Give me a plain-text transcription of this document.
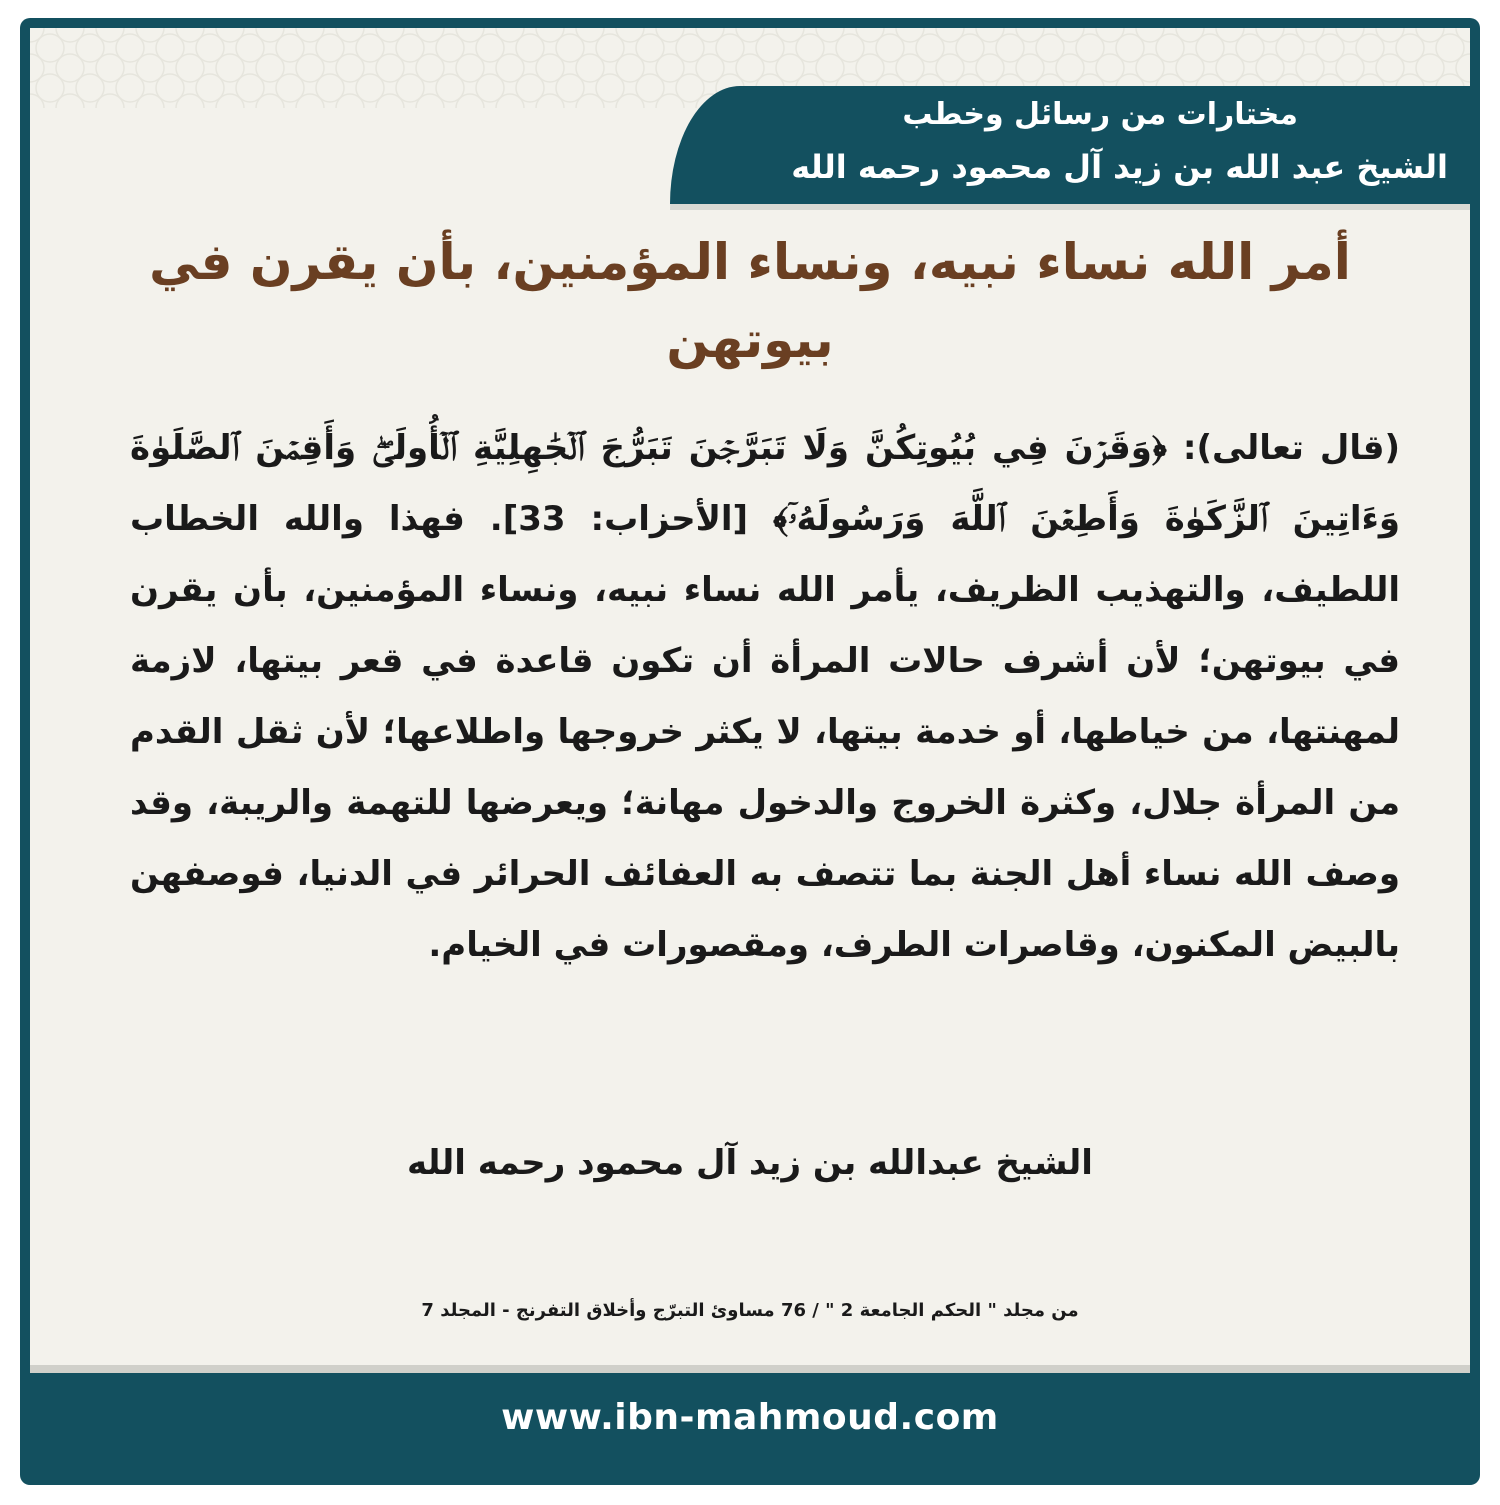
مختارات من رسائل وخطب
الشيخ عبد الله بن زيد آل محمود رحمه الله
أمر الله نساء نبيه، ونساء المؤمنين، بأن يقرن في بيوتهن
(قال تعالى): ﴿وَقَرۡنَ فِي بُيُوتِكُنَّ وَلَا تَبَرَّجۡنَ تَبَرُّجَ ٱلۡجَٰهِلِيَّةِ ٱلۡأُولَىٰۖ وَأَقِمۡنَ ٱلصَّلَوٰةَ وَءَاتِينَ ٱلزَّكَوٰةَ وَأَطِعۡنَ ٱللَّهَ وَرَسُولَهُۥٓ﴾ [الأحزاب: 33]. فهذا والله الخطاب اللطيف، والتهذيب الظريف، يأمر الله نساء نبيه، ونساء المؤمنين، بأن يقرن في بيوتهن؛ لأن أشرف حالات المرأة أن تكون قاعدة في قعر بيتها، لازمة لمهنتها، من خياطها، أو خدمة بيتها، لا يكثر خروجها واطلاعها؛ لأن ثقل القدم من المرأة جلال، وكثرة الخروج والدخول مهانة؛ ويعرضها للتهمة والريبة، وقد وصف الله نساء أهل الجنة بما تتصف به العفائف الحرائر في الدنيا، فوصفهن بالبيض المكنون، وقاصرات الطرف، ومقصورات في الخيام.
الشيخ عبدالله بن زيد آل محمود رحمه الله
من مجلد " الحكم الجامعة 2 " / 76 مساوئ التبرّج وأخلاق التفرنج - المجلد 7
www.ibn-mahmoud.com
